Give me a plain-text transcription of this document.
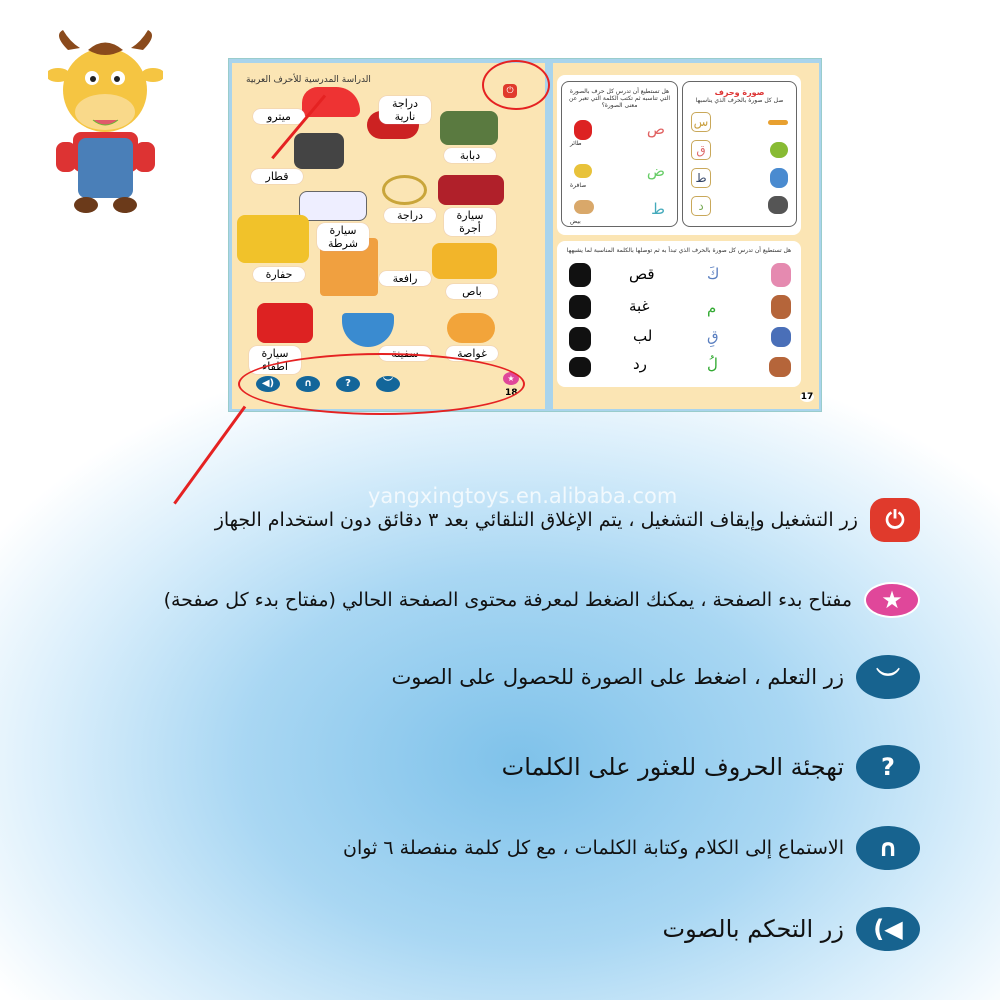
الدراسة المدرسية للأحرف العربية
ميترو
دراجة نارية
دبابة
قطار
دراجة	سيارة أجرة
سيارة شرطة
حفارة	رافعة
باص
سيارة اطفاء
سفينة	غواصة
⏻
◀)	∩	?	︶	★
18
هل تستطيع أن تدرس كل حرف بالصورة التي تناسبه ثم تكتب الكلمة التي تعبر عن معنى الصورة؟
ص
ض
ط
طائر
صافرة
بيض
صورة وحرف
صل كل صورة بالحرف الذي يناسبها
س
ق
ط
د
هل تستطيع أن تدرس كل صورة بالحرف الذي تبدأ به ثم توصلها بالكلمة المناسبة لما يشبهها
كَ
م
قِ
لُ
قص
غبة
لب
رد
17
yangxingtoys.en.alibaba.com
⏻
زر التشغيل وإيقاف التشغيل ، يتم الإغلاق التلقائي بعد ٣ دقائق دون استخدام الجهاز
★
مفتاح بدء الصفحة ، يمكنك الضغط لمعرفة محتوى الصفحة الحالي (مفتاح بدء كل صفحة)
︶
زر التعلم ، اضغط على الصورة للحصول على الصوت
?
تهجئة الحروف للعثور على الكلمات
∩
الاستماع إلى الكلام وكتابة الكلمات ، مع كل كلمة منفصلة ٦ ثوان
◀)
زر التحكم بالصوت
